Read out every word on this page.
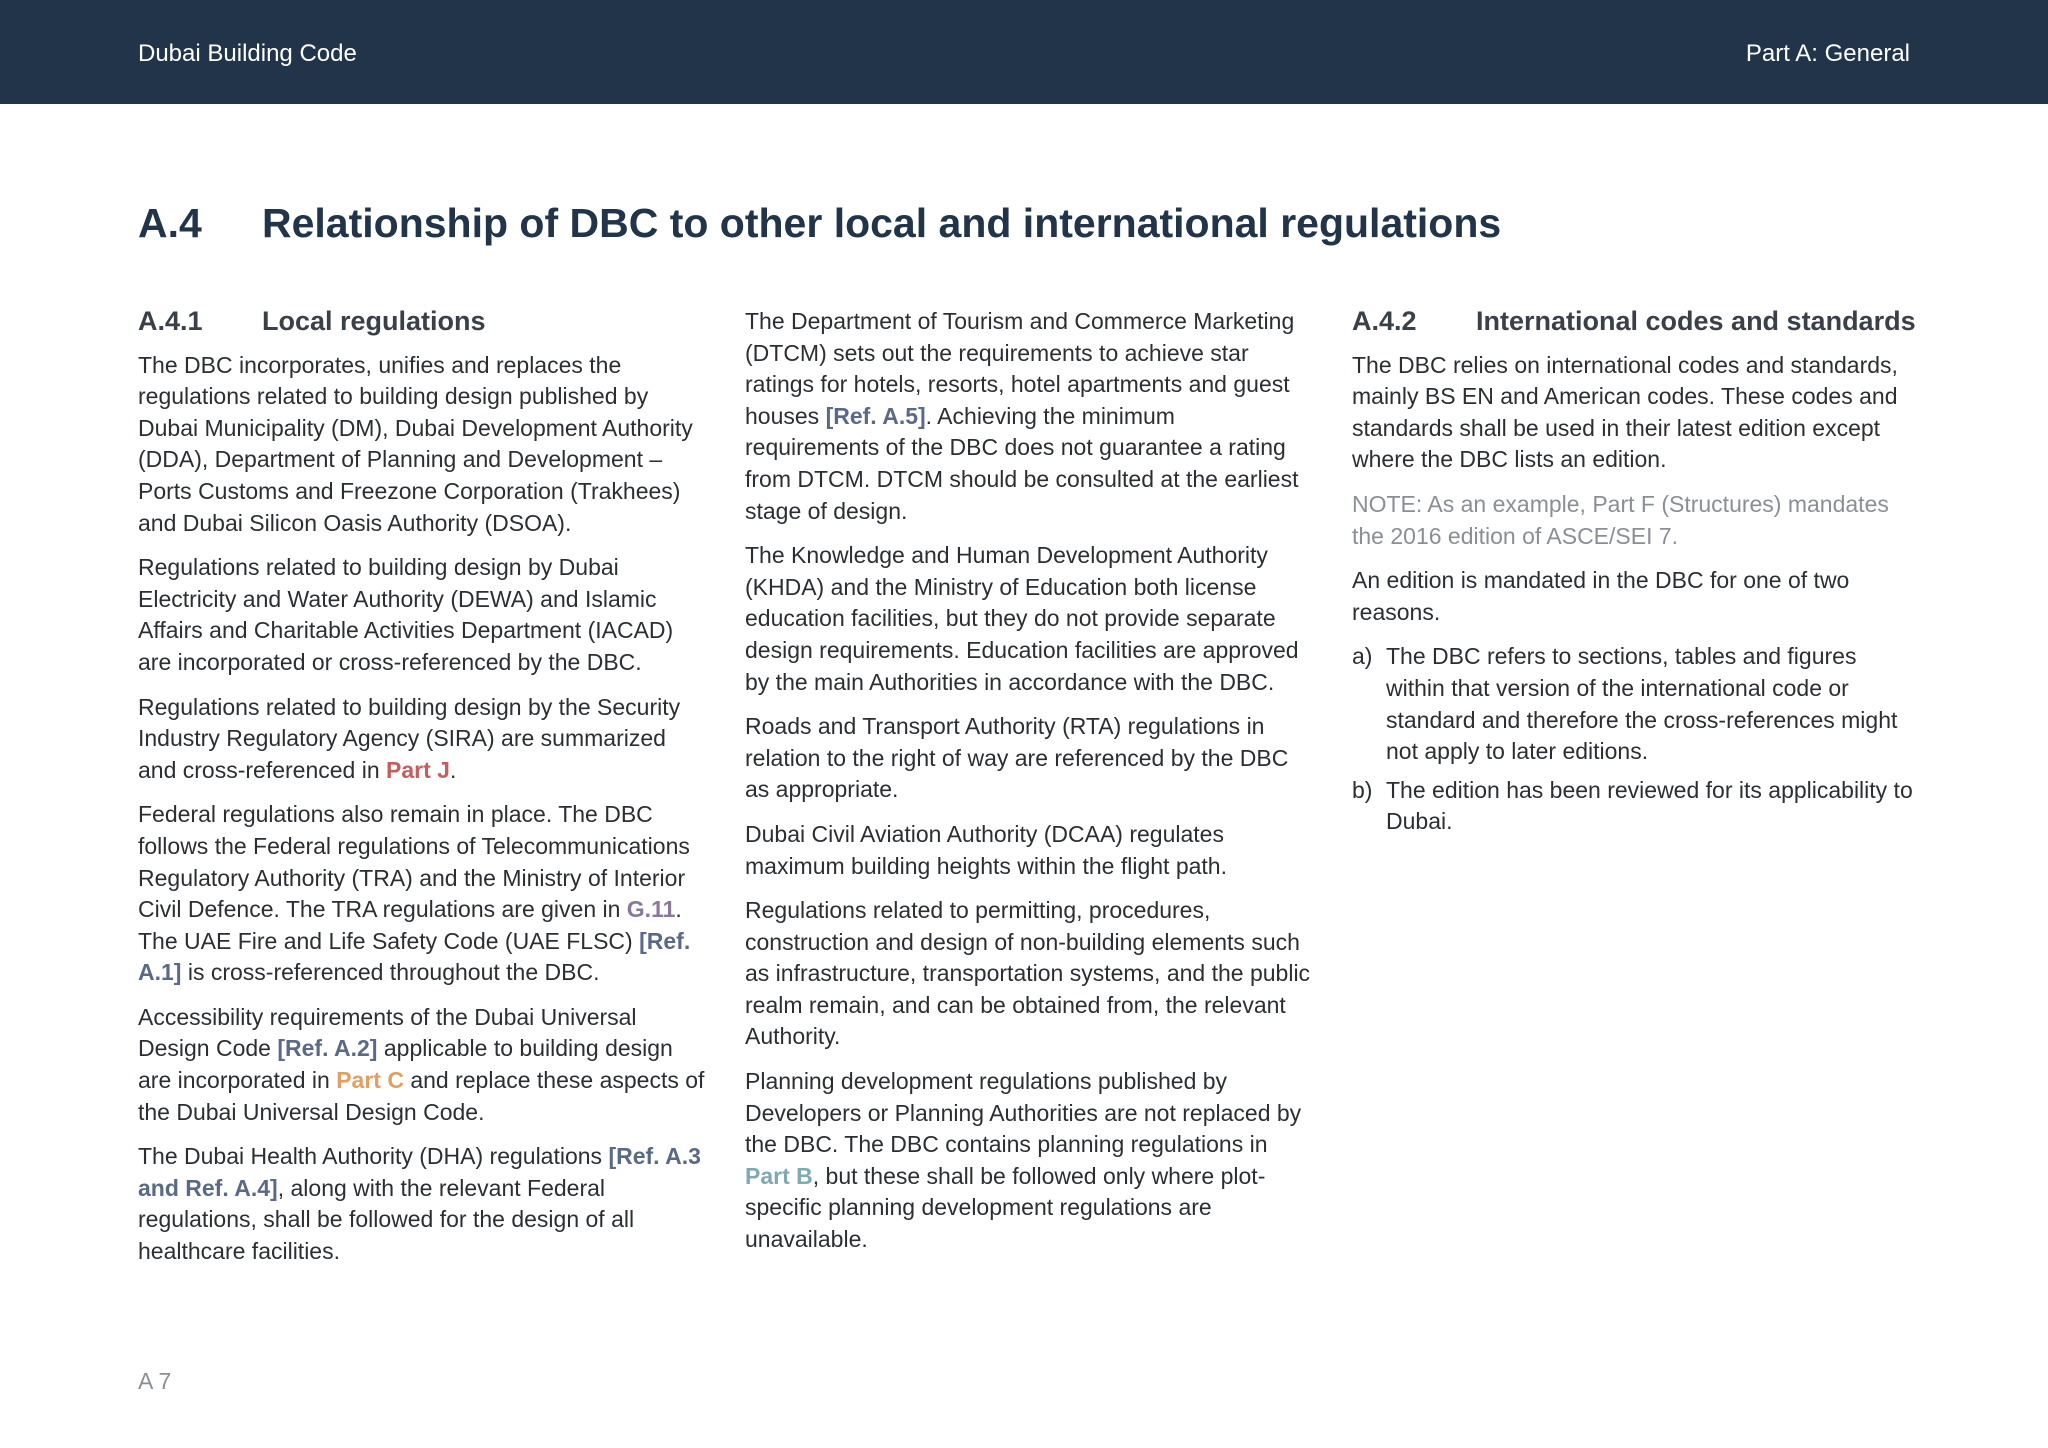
Dubai Building Code	Part A: General
A.4 Relationship of DBC to other local and international regulations
A.4.1 Local regulations

The DBC incorporates, unifies and replaces the regulations related to building design published by Dubai Municipality (DM), Dubai Development Authority (DDA), Department of Planning and Development – Ports Customs and Freezone Corporation (Trakhees) and Dubai Silicon Oasis Authority (DSOA).

Regulations related to building design by Dubai Electricity and Water Authority (DEWA) and Islamic Affairs and Charitable Activities Department (IACAD) are incorporated or cross-referenced by the DBC.

Regulations related to building design by the Security Industry Regulatory Agency (SIRA) are summarized and cross-referenced in Part J.

Federal regulations also remain in place. The DBC follows the Federal regulations of Telecommunications Regulatory Authority (TRA) and the Ministry of Interior Civil Defence. The TRA regulations are given in G.11. The UAE Fire and Life Safety Code (UAE FLSC) [Ref. A.1] is cross-referenced throughout the DBC.

Accessibility requirements of the Dubai Universal Design Code [Ref. A.2] applicable to building design are incorporated in Part C and replace these aspects of the Dubai Universal Design Code.

The Dubai Health Authority (DHA) regulations [Ref. A.3 and Ref. A.4], along with the relevant Federal regulations, shall be followed for the design of all healthcare facilities.

The Department of Tourism and Commerce Marketing (DTCM) sets out the requirements to achieve star ratings for hotels, resorts, hotel apartments and guest houses [Ref. A.5]. Achieving the minimum requirements of the DBC does not guarantee a rating from DTCM. DTCM should be consulted at the earliest stage of design.

The Knowledge and Human Development Authority (KHDA) and the Ministry of Education both license education facilities, but they do not provide separate design requirements. Education facilities are approved by the main Authorities in accordance with the DBC.

Roads and Transport Authority (RTA) regulations in relation to the right of way are referenced by the DBC as appropriate.

Dubai Civil Aviation Authority (DCAA) regulates maximum building heights within the flight path.

Regulations related to permitting, procedures, construction and design of non-building elements such as infrastructure, transportation systems, and the public realm remain, and can be obtained from, the relevant Authority.

Planning development regulations published by Developers or Planning Authorities are not replaced by the DBC. The DBC contains planning regulations in Part B, but these shall be followed only where plot-specific planning development regulations are unavailable.

A.4.2 International codes and standards

The DBC relies on international codes and standards, mainly BS EN and American codes. These codes and standards shall be used in their latest edition except where the DBC lists an edition.

NOTE: As an example, Part F (Structures) mandates the 2016 edition of ASCE/SEI 7.

An edition is mandated in the DBC for one of two reasons.

a) The DBC refers to sections, tables and figures within that version of the international code or standard and therefore the cross-references might not apply to later editions.
b) The edition has been reviewed for its applicability to Dubai.
A 7
